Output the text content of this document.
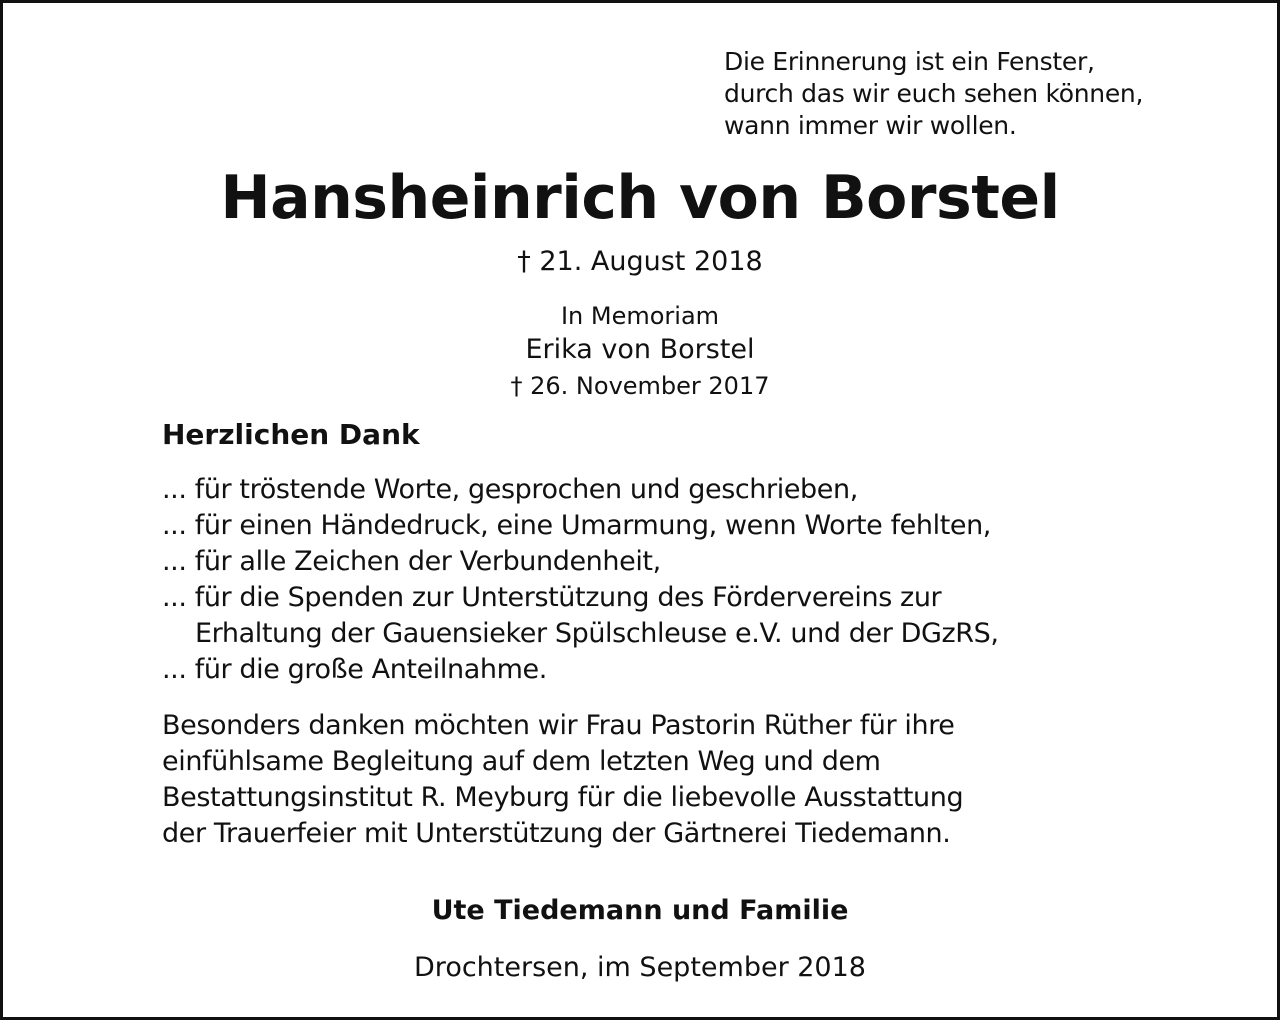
Die Erinnerung ist ein Fenster,
durch das wir euch sehen können,
wann immer wir wollen.
Hansheinrich von Borstel
† 21. August 2018
In Memoriam
Erika von Borstel
† 26. November 2017
Herzlichen Dank
... für tröstende Worte, gesprochen und geschrieben,
... für einen Händedruck, eine Umarmung, wenn Worte fehlten,
... für alle Zeichen der Verbundenheit,
... für die Spenden zur Unterstützung des Fördervereins zur
Erhaltung der Gauensieker Spülschleuse e.V. und der DGzRS,
... für die große Anteilnahme.
Besonders danken möchten wir Frau Pastorin Rüther für ihre
einfühlsame Begleitung auf dem letzten Weg und dem
Bestattungsinstitut R. Meyburg für die liebevolle Ausstattung
der Trauerfeier mit Unterstützung der Gärtnerei Tiedemann.
Ute Tiedemann und Familie
Drochtersen, im September 2018
